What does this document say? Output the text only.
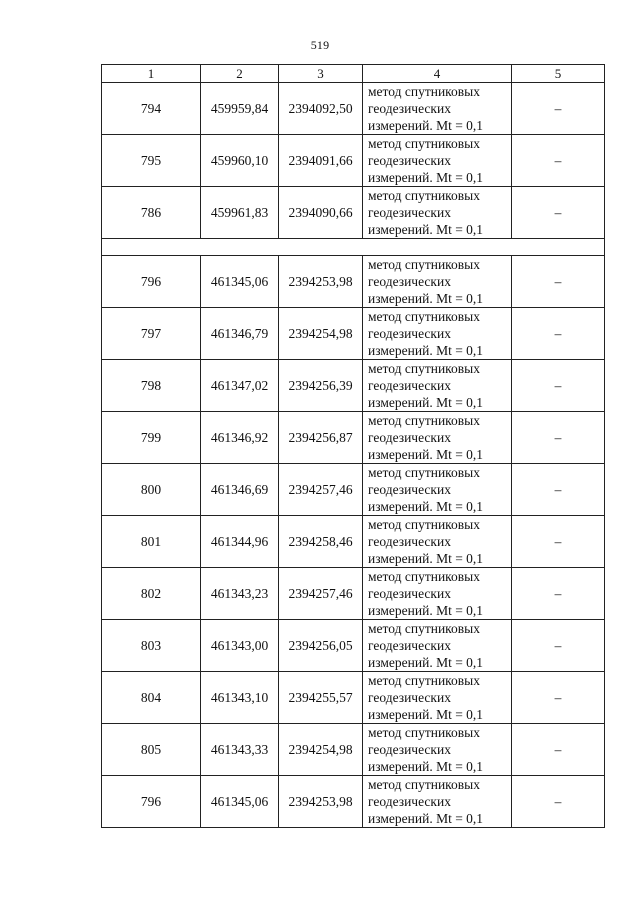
519
1	2	3	4	5
794	459959,84	2394092,50	метод спутниковых
геодезических
измерений. Mt = 0,1	–
795	459960,10	2394091,66	метод спутниковых
геодезических
измерений. Mt = 0,1	–
786	459961,83	2394090,66	метод спутниковых
геодезических
измерений. Mt = 0,1	–

796	461345,06	2394253,98	метод спутниковых
геодезических
измерений. Mt = 0,1	–
797	461346,79	2394254,98	метод спутниковых
геодезических
измерений. Mt = 0,1	–
798	461347,02	2394256,39	метод спутниковых
геодезических
измерений. Mt = 0,1	–
799	461346,92	2394256,87	метод спутниковых
геодезических
измерений. Mt = 0,1	–
800	461346,69	2394257,46	метод спутниковых
геодезических
измерений. Mt = 0,1	–
801	461344,96	2394258,46	метод спутниковых
геодезических
измерений. Mt = 0,1	–
802	461343,23	2394257,46	метод спутниковых
геодезических
измерений. Mt = 0,1	–
803	461343,00	2394256,05	метод спутниковых
геодезических
измерений. Mt = 0,1	–
804	461343,10	2394255,57	метод спутниковых
геодезических
измерений. Mt = 0,1	–
805	461343,33	2394254,98	метод спутниковых
геодезических
измерений. Mt = 0,1	–
796	461345,06	2394253,98	метод спутниковых
геодезических
измерений. Mt = 0,1	–
